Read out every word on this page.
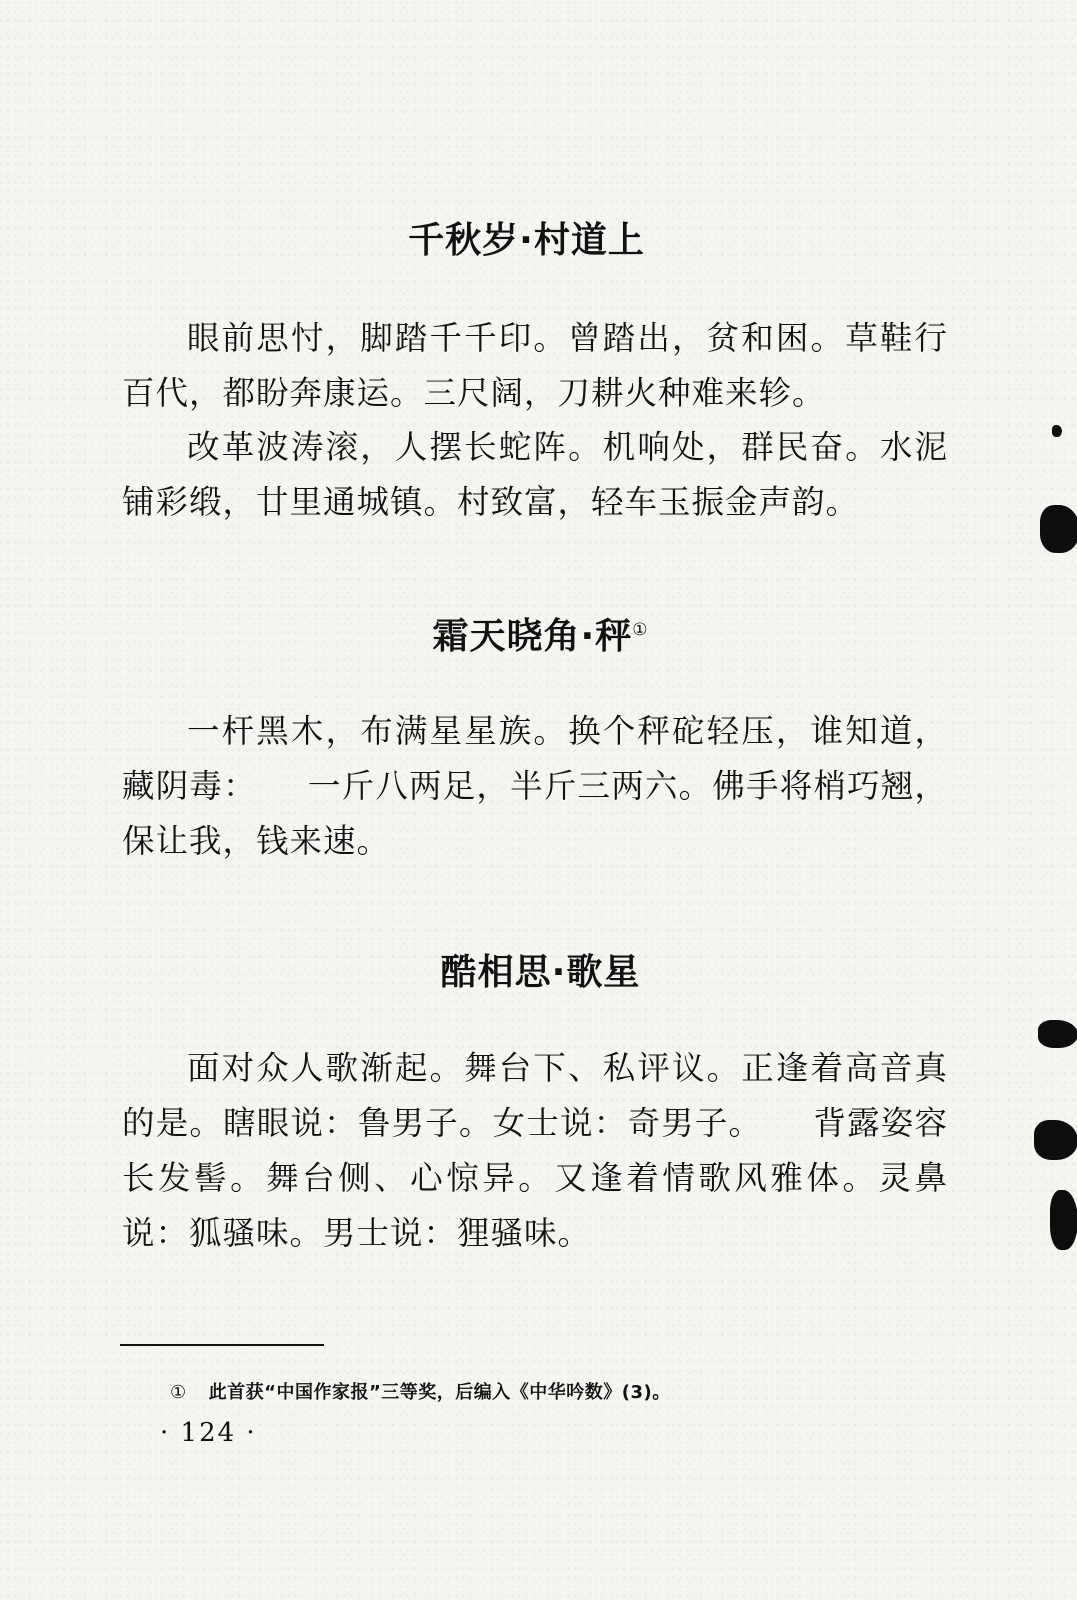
千秋岁·村道上

眼前思忖，脚踏千千印。曾踏出，贫和困。草鞋行百代，都盼奔康运。三尺阔，刀耕火种难来轸。

改革波涛滚，人摆长蛇阵。机响处，群民奋。水泥铺彩缎，廿里通城镇。村致富，轻车玉振金声韵。

霜天晓角·秤①

一杆黑木，布满星星族。换个秤砣轻压，谁知道，藏阴毒：　　一斤八两足，半斤三两六。佛手将梢巧翘，保让我，钱来速。

酷相思·歌星

面对众人歌渐起。舞台下、私评议。正逢着高音真的是。瞎眼说：鲁男子。女士说：奇男子。　　背露姿容长发髻。舞台侧、心惊异。又逢着情歌风雅体。灵鼻说：狐骚味。男士说：狸骚味。

① 此首获“中国作家报”三等奖，后编入《中华吟数》(3)。
· 124 ·
